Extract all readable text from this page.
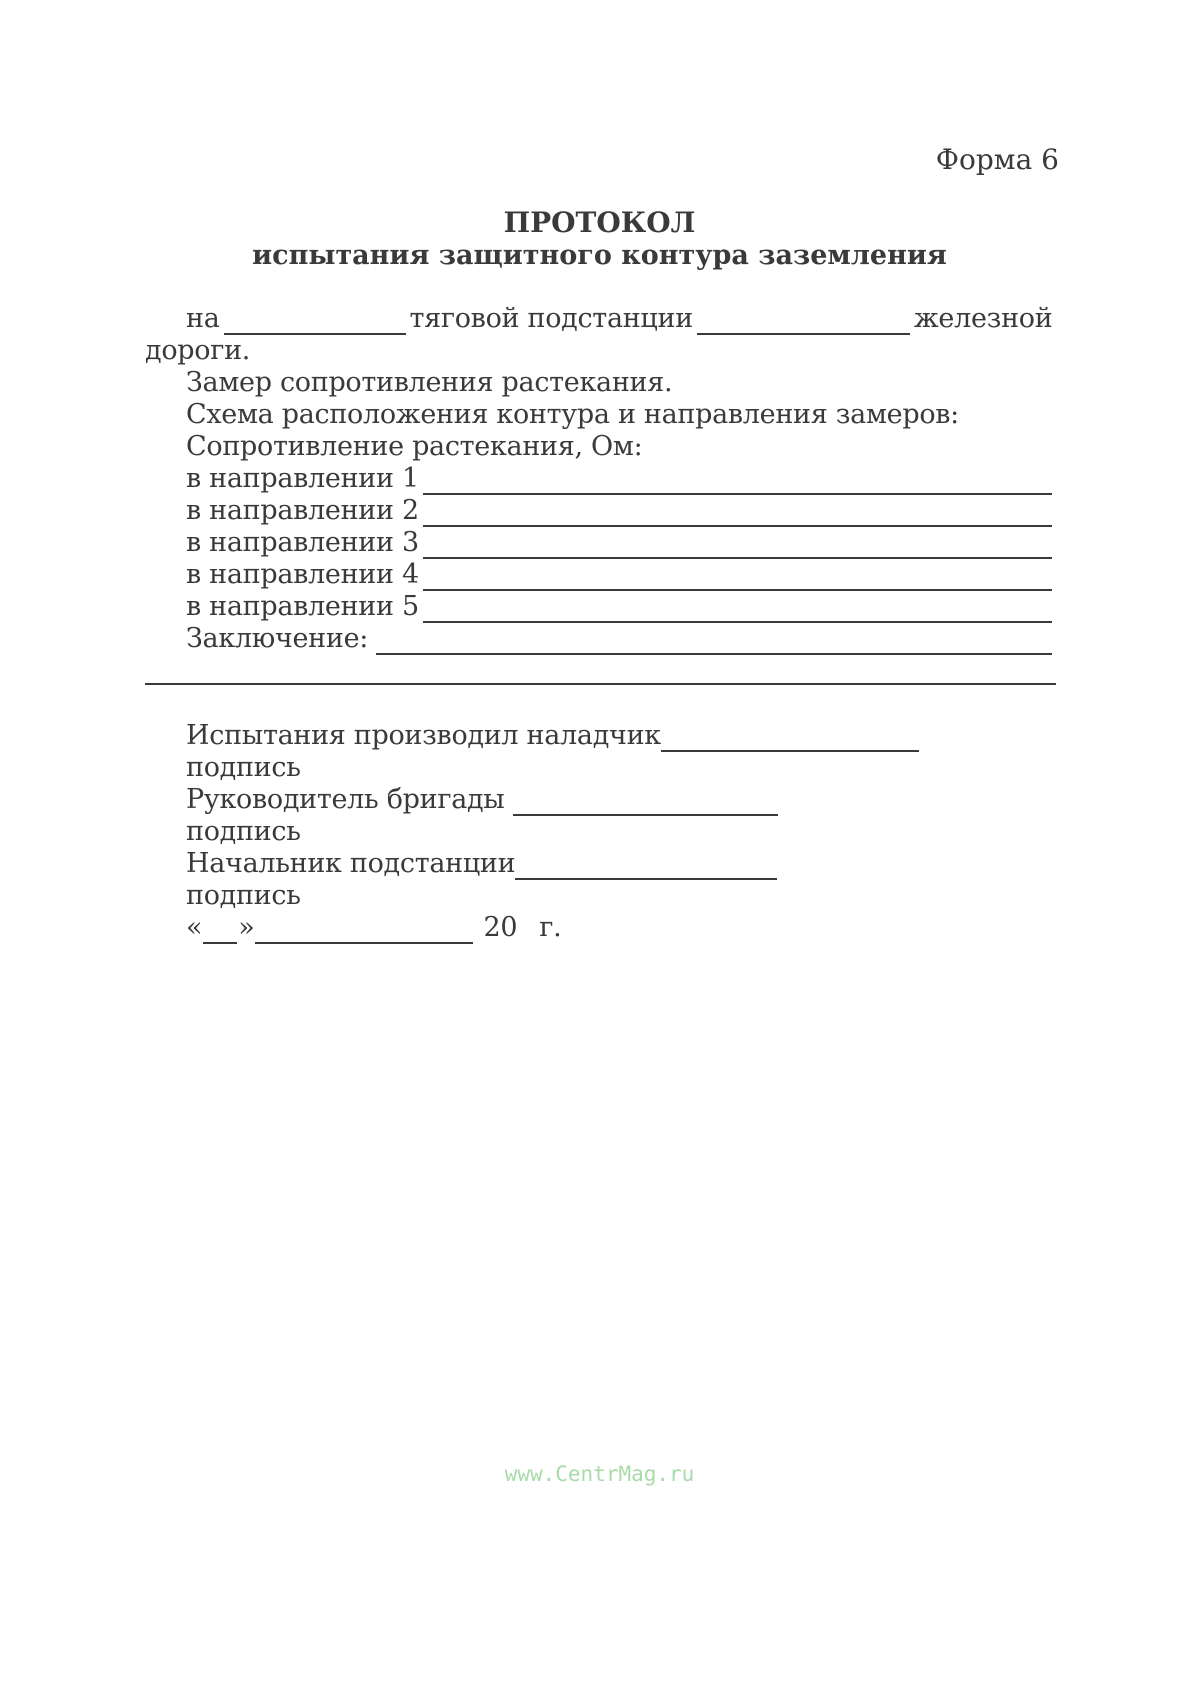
Форма 6
ПРОТОКОЛ
испытания защитного контура заземления
на	тяговой подстанции	железной
дороги.
Замер сопротивления растекания.
Схема расположения контура и направления замеров:
Сопротивление растекания, Ом:
в направлении 1
в направлении 2
в направлении 3
в направлении 4
в направлении 5
Заключение:
Испытания производил наладчик
подпись
Руководитель бригады
подпись
Начальник подстанции
подпись
« »	20 г.
www.CentrMag.ru
